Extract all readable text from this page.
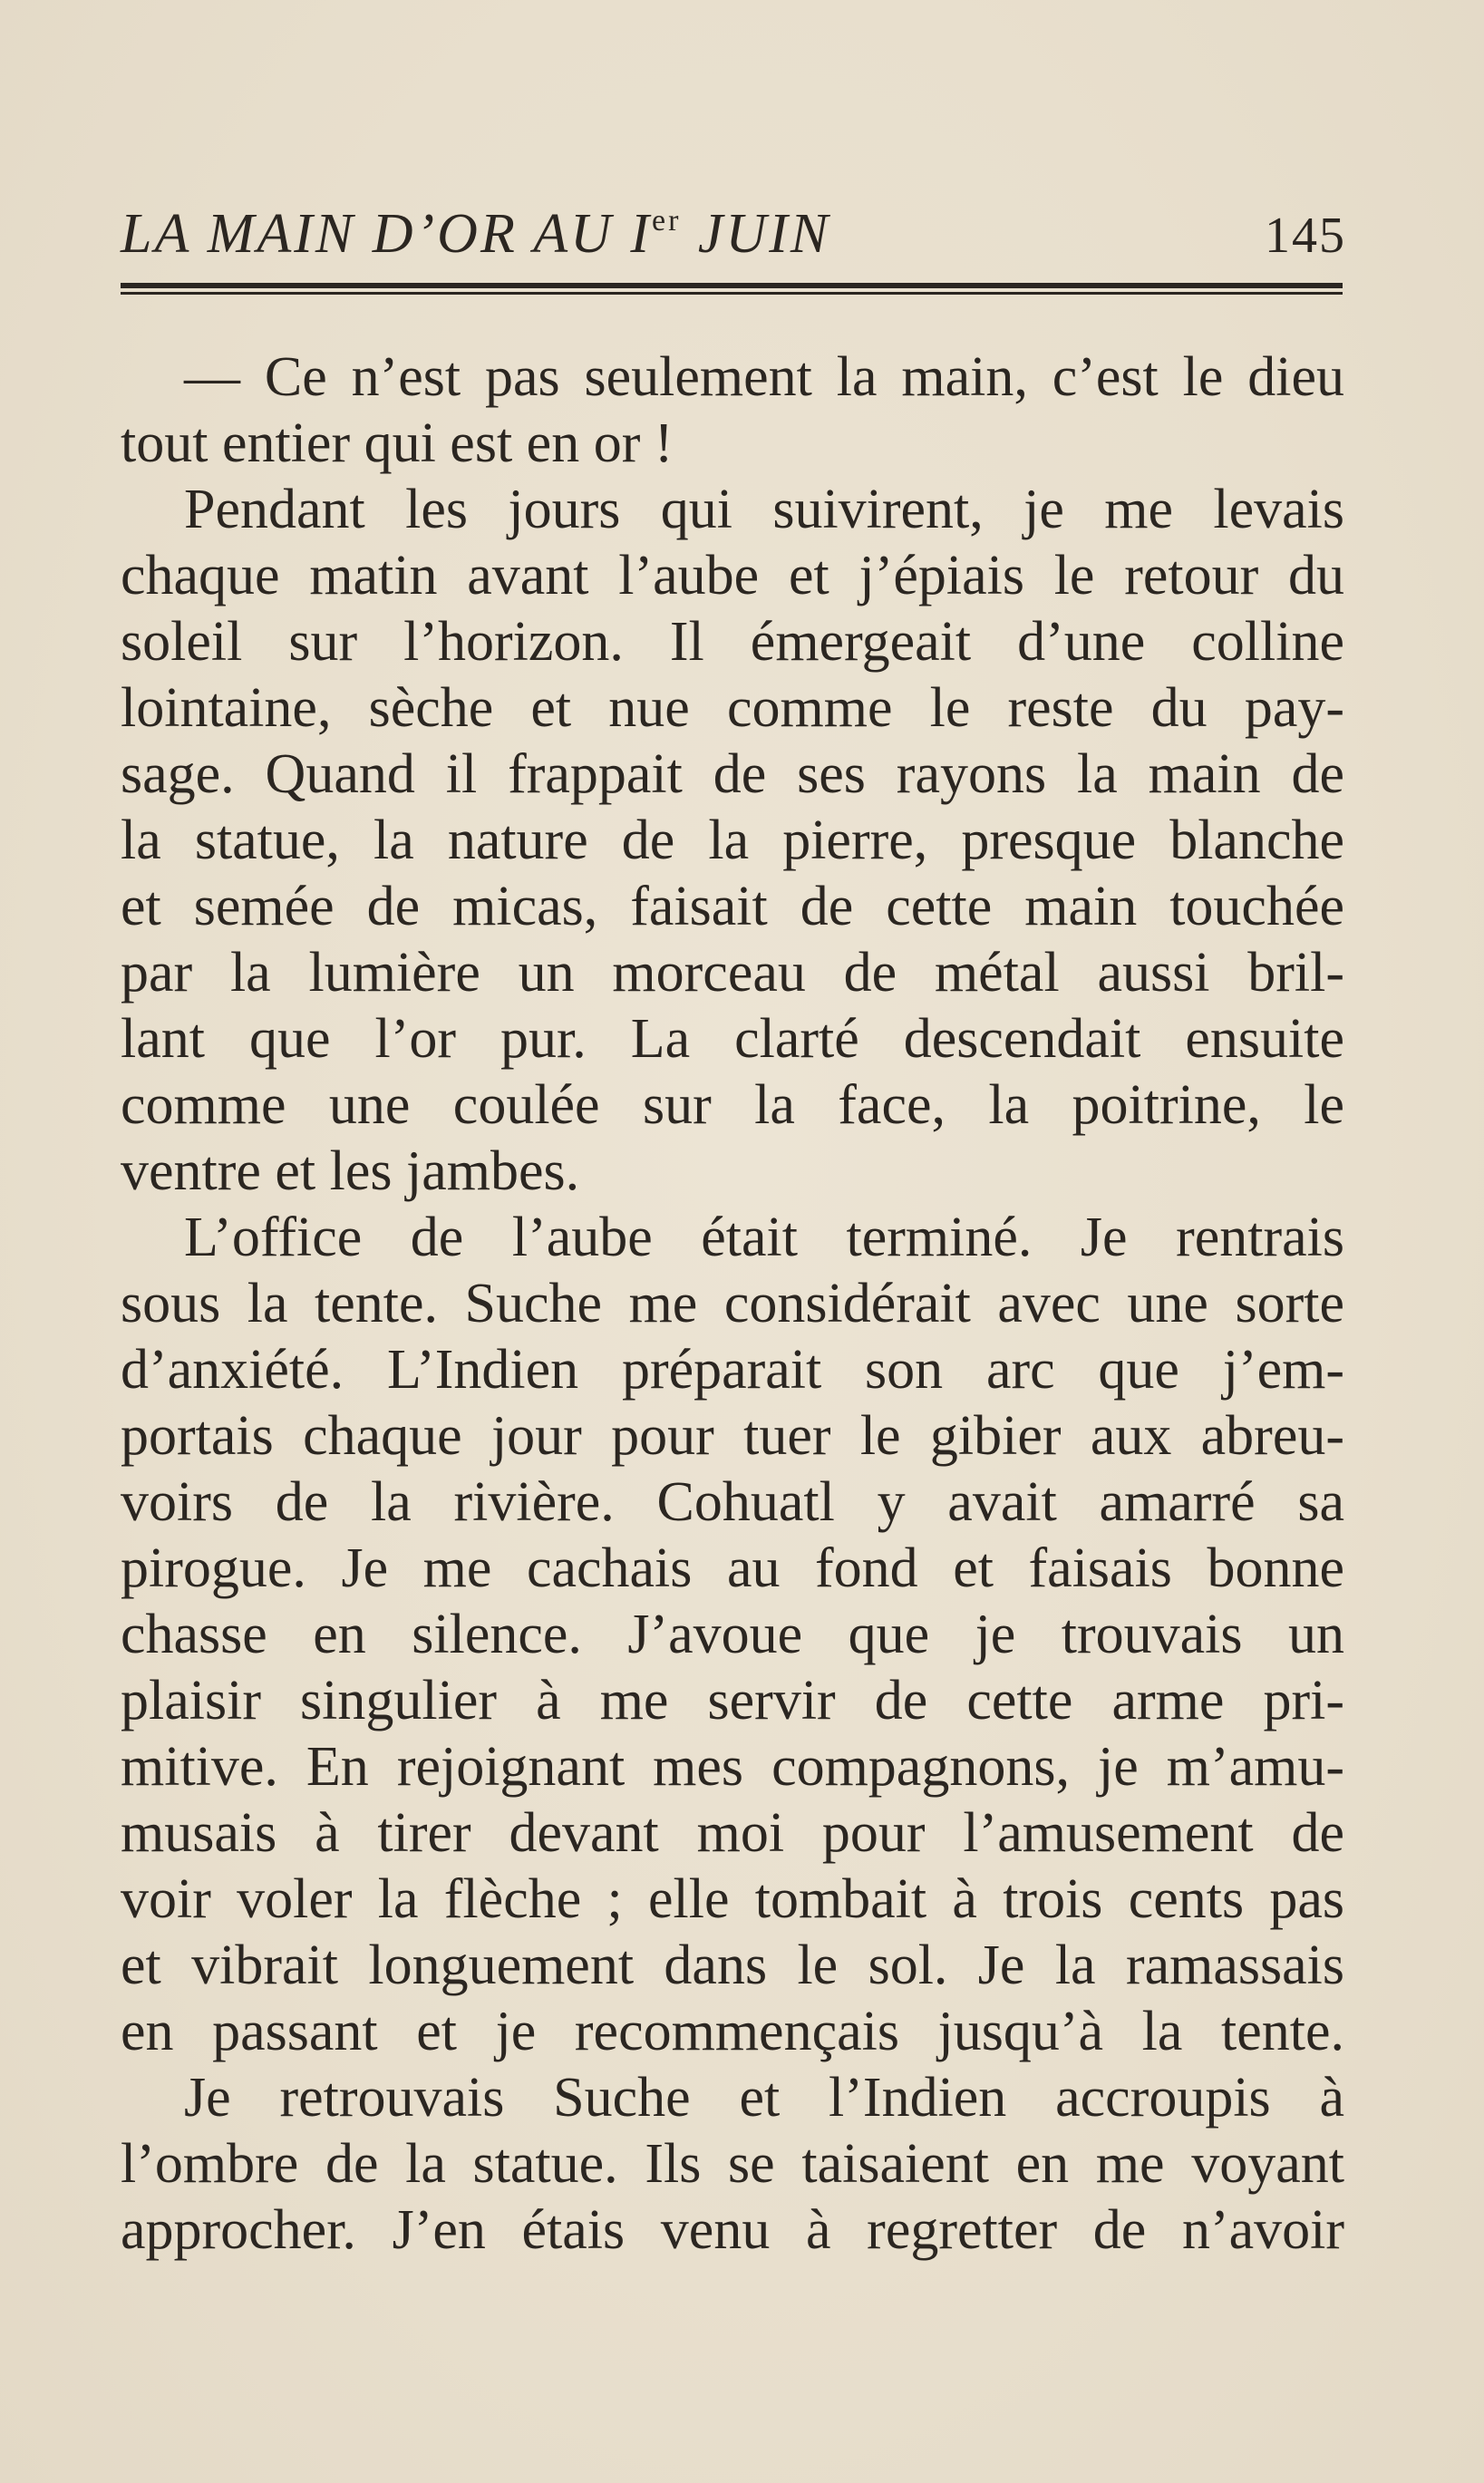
LA MAIN D’OR AU Ier JUIN	145
— Ce n’est pas seulement la main, c’est le dieu
tout entier qui est en or !
Pendant les jours qui suivirent, je me levais
chaque matin avant l’aube et j’épiais le retour du
soleil sur l’horizon. Il émergeait d’une colline
lointaine, sèche et nue comme le reste du pay-
sage. Quand il frappait de ses rayons la main de
la statue, la nature de la pierre, presque blanche
et semée de micas, faisait de cette main touchée
par la lumière un morceau de métal aussi bril-
lant que l’or pur. La clarté descendait ensuite
comme une coulée sur la face, la poitrine, le
ventre et les jambes.
L’office de l’aube était terminé. Je rentrais
sous la tente. Suche me considérait avec une sorte
d’anxiété. L’Indien préparait son arc que j’em-
portais chaque jour pour tuer le gibier aux abreu-
voirs de la rivière. Cohuatl y avait amarré sa
pirogue. Je me cachais au fond et faisais bonne
chasse en silence. J’avoue que je trouvais un
plaisir singulier à me servir de cette arme pri-
mitive. En rejoignant mes compagnons, je m’amu-
musais à tirer devant moi pour l’amusement de
voir voler la flèche ; elle tombait à trois cents pas
et vibrait longuement dans le sol. Je la ramassais
en passant et je recommençais jusqu’à la tente.
Je retrouvais Suche et l’Indien accroupis à
l’ombre de la statue. Ils se taisaient en me voyant
approcher. J’en étais venu à regretter de n’avoir
